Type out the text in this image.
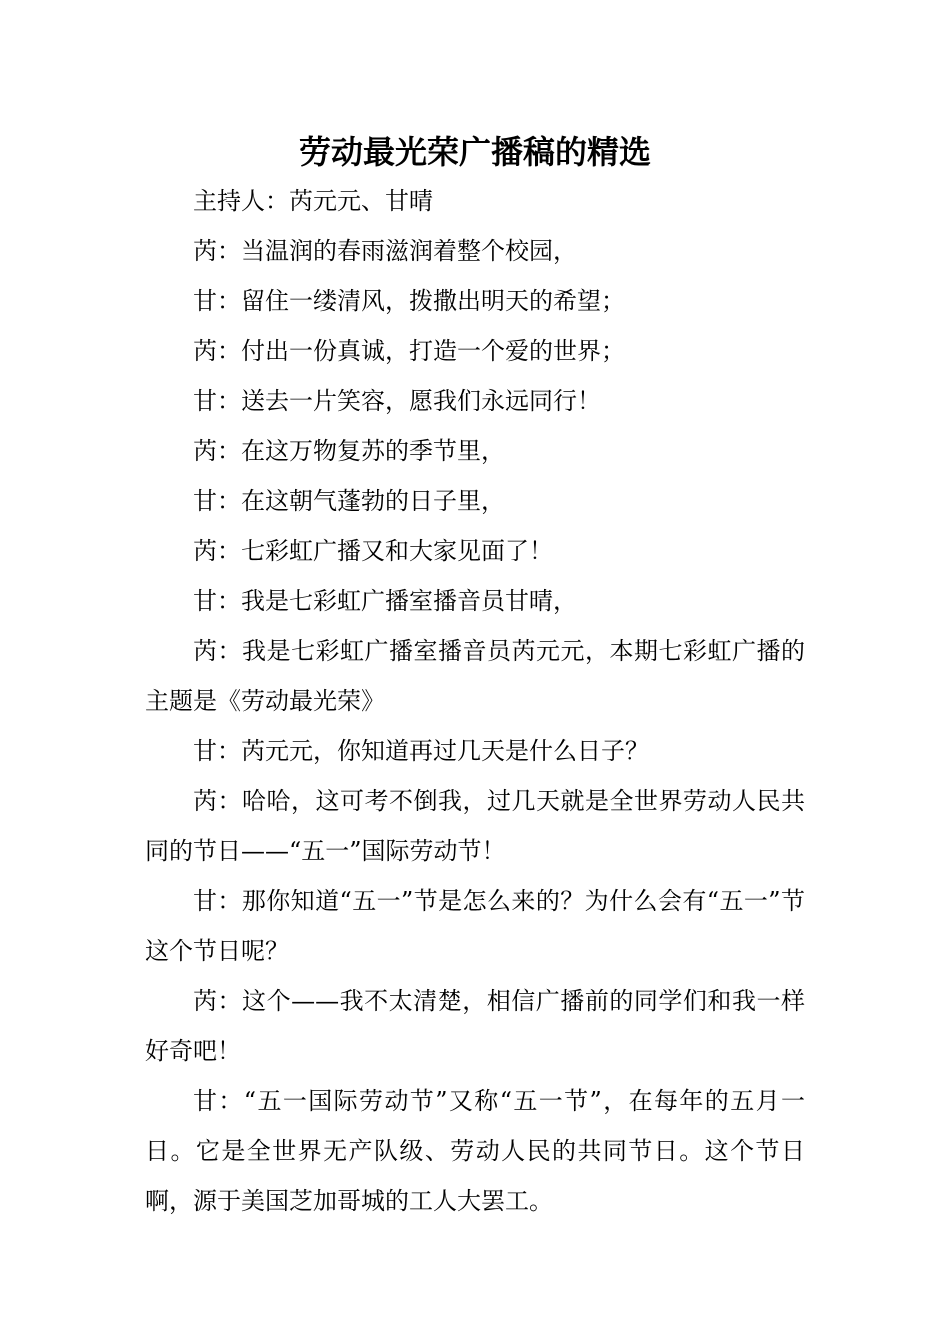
劳动最光荣广播稿的精选

主持人：芮元元、甘晴

芮：当温润的春雨滋润着整个校园，

甘：留住一缕清风，拨撒出明天的希望；

芮：付出一份真诚，打造一个爱的世界；

甘：送去一片笑容，愿我们永远同行！

芮：在这万物复苏的季节里，

甘：在这朝气蓬勃的日子里，

芮：七彩虹广播又和大家见面了！

甘：我是七彩虹广播室播音员甘晴，

芮：我是七彩虹广播室播音员芮元元，本期七彩虹广播的主题是《劳动最光荣》

甘：芮元元，你知道再过几天是什么日子？

芮：哈哈，这可考不倒我，过几天就是全世界劳动人民共同的节日——“五一”国际劳动节！

甘：那你知道“五一”节是怎么来的？为什么会有“五一”节这个节日呢？

芮：这个——我不太清楚，相信广播前的同学们和我一样好奇吧！

甘：“五一国际劳动节”又称“五一节”，在每年的五月一日。它是全世界无产队级、劳动人民的共同节日。这个节日啊，源于美国芝加哥城的工人大罢工。
